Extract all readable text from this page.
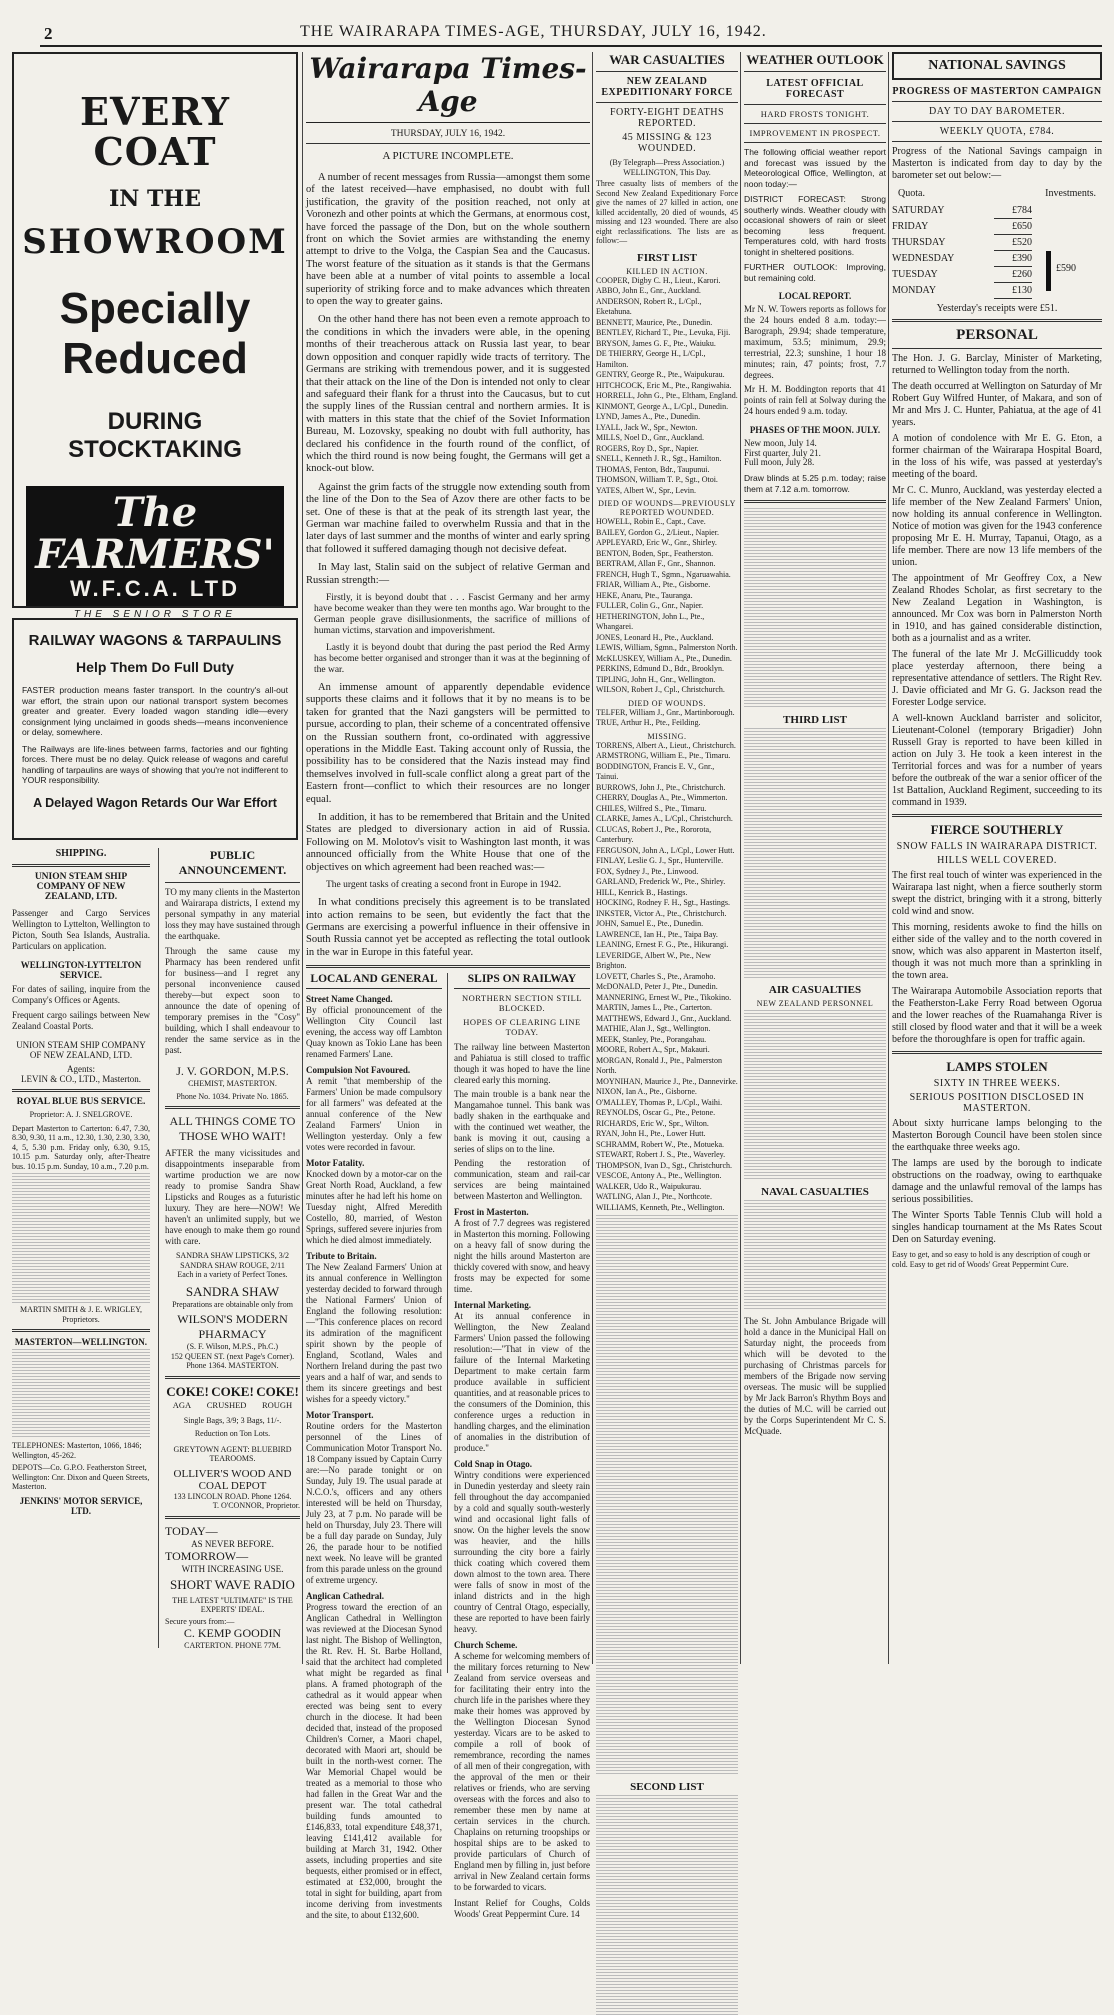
2	THE WAIRARAPA TIMES-AGE, THURSDAY, JULY 16, 1942.
EVERY COAT
IN THE
SHOWROOM
Specially
Reduced
DURING
STOCKTAKING
The FARMERS'
W.F.C.A. LTD
THE SENIOR STORE
RAILWAY WAGONS & TARPAULINS
Help Them Do Full Duty
FASTER production means faster transport. In the country's all-out war effort, the strain upon our national transport system becomes greater and greater. Every loaded wagon standing idle—every consignment lying unclaimed in goods sheds—means inconvenience or delay, somewhere.
The Railways are life-lines between farms, factories and our fighting forces. There must be no delay. Quick release of wagons and careful handling of tarpaulins are ways of showing that you're not indifferent to YOUR responsibility.
A Delayed Wagon Retards Our War Effort
SHIPPING.
UNION STEAM SHIP COMPANY OF NEW ZEALAND, LTD.
Passenger and Cargo Services Wellington to Lyttelton, Wellington to Picton, South Sea Islands, Australia. Particulars on application.
WELLINGTON-LYTTELTON SERVICE.
For dates of sailing, inquire from the Company's Offices or Agents.
Frequent cargo sailings between New Zealand Coastal Ports.
UNION STEAM SHIP COMPANY OF NEW ZEALAND, LTD.
Agents:
LEVIN & CO., LTD., Masterton.
ROYAL BLUE BUS SERVICE.
Proprietor: A. J. SNELGROVE.
Depart Masterton to Carterton: 6.47, 7.30, 8.30, 9.30, 11 a.m., 12.30, 1.30, 2.30, 3.30, 4, 5, 5.30 p.m. Friday only, 6.30, 9.15, 10.15 p.m. Saturday only, after-Theatre bus. 10.15 p.m. Sunday, 10 a.m., 7.20 p.m.
MARTIN SMITH & J. E. WRIGLEY, Proprietors.
MASTERTON—WELLINGTON.
TELEPHONES: Masterton, 1066, 1846; Wellington, 45-262.
DEPOTS—Co. G.P.O. Featherston Street, Wellington: Cnr. Dixon and Queen Streets, Masterton.
JENKINS' MOTOR SERVICE, LTD.
PUBLIC ANNOUNCEMENT.
TO my many clients in the Masterton and Wairarapa districts, I extend my personal sympathy in any material loss they may have sustained through the earthquake.
Through the same cause my Pharmacy has been rendered unfit for business—and I regret any personal inconvenience caused thereby—but expect soon to announce the date of opening of temporary premises in the "Cosy" building, which I shall endeavour to render the same service as in the past.
J. V. GORDON, M.P.S.
CHEMIST, MASTERTON.
Phone No. 1034. Private No. 1865.
ALL THINGS COME TO THOSE WHO WAIT!
AFTER the many vicissitudes and disappointments inseparable from wartime production we are now ready to promise Sandra Shaw Lipsticks and Rouges as a futuristic luxury. They are here—NOW! We haven't an unlimited supply, but we have enough to make them go round with care.
SANDRA SHAW LIPSTICKS, 3/2
SANDRA SHAW ROUGE, 2/11
Each in a variety of Perfect Tones.
SANDRA SHAW
Preparations are obtainable only from
WILSON'S MODERN PHARMACY
(S. F. Wilson, M.P.S., Ph.C.)
152 QUEEN ST. (next Page's Corner). Phone 1364. MASTERTON.
COKE! COKE! COKE!
AGA CRUSHED ROUGH
Single Bags, 3/9; 3 Bags, 11/-.
Reduction on Ton Lots.
GREYTOWN AGENT: BLUEBIRD TEAROOMS.
OLLIVER'S WOOD AND COAL DEPOT
133 LINCOLN ROAD. Phone 1264.
T. O'CONNOR, Proprietor.
TODAY—
AS NEVER BEFORE.
TOMORROW—
WITH INCREASING USE.
SHORT WAVE RADIO
THE LATEST "ULTIMATE" IS THE EXPERTS' IDEAL.
Secure yours from:—
C. KEMP GOODIN
CARTERTON. PHONE 77M.
Wairarapa Times-Age
THURSDAY, JULY 16, 1942.
A PICTURE INCOMPLETE.

A number of recent messages from Russia—amongst them some of the latest received—have emphasised, no doubt with full justification, the gravity of the position reached, not only at Voronezh and other points at which the Germans, at enormous cost, have forced the passage of the Don, but on the whole southern front on which the Soviet armies are withstanding the enemy attempt to drive to the Volga, the Caspian Sea and the Caucasus. The worst feature of the situation as it stands is that the Germans have been able at a number of vital points to assemble a local superiority of striking force and to make advances which threaten to open the way to greater gains.

On the other hand there has not been even a remote approach to the conditions in which the invaders were able, in the opening months of their treacherous attack on Russia last year, to bear down opposition and conquer rapidly wide tracts of territory. The Germans are striking with tremendous power, and it is suggested that their attack on the line of the Don is intended not only to clear and safeguard their flank for a thrust into the Caucasus, but to cut the supply lines of the Russian central and northern armies. It is with matters in this state that the chief of the Soviet Information Bureau, M. Lozovsky, speaking no doubt with full authority, has declared his confidence in the fourth round of the conflict, of which the third round is now being fought, the Germans will get a knock-out blow.

Against the grim facts of the struggle now extending south from the line of the Don to the Sea of Azov there are other facts to be set. One of these is that at the peak of its strength last year, the German war machine failed to overwhelm Russia and that in the later days of last summer and the months of winter and early spring that followed it suffered damaging though not decisive defeat.

In May last, Stalin said on the subject of relative German and Russian strength:—

Firstly, it is beyond doubt that . . . Fascist Germany and her army have become weaker than they were ten months ago. War brought to the German people grave disillusionments, the sacrifice of millions of human victims, starvation and impoverishment.

Lastly it is beyond doubt that during the past period the Red Army has become better organised and stronger than it was at the beginning of the war.

An immense amount of apparently dependable evidence supports these claims and it follows that it by no means is to be taken for granted that the Nazi gangsters will be permitted to pursue, according to plan, their scheme of a concentrated offensive on the Russian southern front, co-ordinated with aggressive operations in the Middle East. Taking account only of Russia, the possibility has to be considered that the Nazis instead may find themselves involved in full-scale conflict along a great part of the Eastern front—conflict to which their resources are no longer equal.

In addition, it has to be remembered that Britain and the United States are pledged to diversionary action in aid of Russia. Following on M. Molotov's visit to Washington last month, it was announced officially from the White House that one of the objectives on which agreement had been reached was:—

The urgent tasks of creating a second front in Europe in 1942.

In what conditions precisely this agreement is to be translated into action remains to be seen, but evidently the fact that the Germans are exercising a powerful influence in their offensive in South Russia cannot yet be accepted as reflecting the total outlook in the war in Europe in this fateful year.

LOCAL AND GENERAL
Street Name Changed.
By official pronouncement of the Wellington City Council last evening, the access way off Lambton Quay known as Tokio Lane has been renamed Farmers' Lane.
Compulsion Not Favoured.
A remit "that membership of the Farmers' Union be made compulsory for all farmers" was defeated at the annual conference of the New Zealand Farmers' Union in Wellington yesterday. Only a few votes were recorded in favour.
Motor Fatality.
Knocked down by a motor-car on the Great North Road, Auckland, a few minutes after he had left his home on Tuesday night, Alfred Meredith Costello, 80, married, of Weston Springs, suffered severe injuries from which he died almost immediately.
Tribute to Britain.
The New Zealand Farmers' Union at its annual conference in Wellington yesterday decided to forward through the National Farmers' Union of England the following resolution:—"This conference places on record its admiration of the magnificent spirit shown by the people of England, Scotland, Wales and Northern Ireland during the past two years and a half of war, and sends to them its sincere greetings and best wishes for a speedy victory."
Motor Transport.
Routine orders for the Masterton personnel of the Lines of Communication Motor Transport No. 18 Company issued by Captain Curry are:—No parade tonight or on Sunday, July 19. The usual parade at N.C.O.'s, officers and any others interested will be held on Thursday, July 23, at 7 p.m. No parade will be held on Thursday, July 23. There will be a full day parade on Sunday, July 26, the parade hour to be notified next week. No leave will be granted from this parade unless on the ground of extreme urgency.
Anglican Cathedral.
Progress toward the erection of an Anglican Cathedral in Wellington was reviewed at the Diocesan Synod last night. The Bishop of Wellington, the Rt. Rev. H. St. Barbe Holland, said that the architect had completed what might be regarded as final plans. A framed photograph of the cathedral as it would appear when erected was being sent to every church in the diocese. It had been decided that, instead of the proposed Children's Corner, a Maori chapel, decorated with Maori art, should be built in the north-west corner. The War Memorial Chapel would be treated as a memorial to those who had fallen in the Great War and the present war. The total cathedral building funds amounted to £146,833, total expenditure £48,371, leaving £141,412 available for building at March 31, 1942. Other assets, including properties and site bequests, either promised or in effect, estimated at £32,000, brought the total in sight for building, apart from income deriving from investments and the site, to about £132,600.
SLIPS ON RAILWAY
NORTHERN SECTION STILL BLOCKED.
HOPES OF CLEARING LINE TODAY.
The railway line between Masterton and Pahiatua is still closed to traffic though it was hoped to have the line cleared early this morning.
The main trouble is a bank near the Mangamahoe tunnel. This bank was badly shaken in the earthquake and with the continued wet weather, the bank is moving it out, causing a series of slips on to the line.
Pending the restoration of communication, steam and rail-car services are being maintained between Masterton and Wellington.
Frost in Masterton.
A frost of 7.7 degrees was registered in Masterton this morning. Following on a heavy fall of snow during the night the hills around Masterton are thickly covered with snow, and heavy frosts may be expected for some time.
Internal Marketing.
At its annual conference in Wellington, the New Zealand Farmers' Union passed the following resolution:—"That in view of the failure of the Internal Marketing Department to make certain farm produce available in sufficient quantities, and at reasonable prices to the consumers of the Dominion, this conference urges a reduction in handling charges, and the elimination of anomalies in the distribution of produce."
Cold Snap in Otago.
Wintry conditions were experienced in Dunedin yesterday and sleety rain fell throughout the day accompanied by a cold and squally south-westerly wind and occasional light falls of snow. On the higher levels the snow was heavier, and the hills surrounding the city bore a fairly thick coating which covered them down almost to the town area. There were falls of snow in most of the inland districts and in the high country of Central Otago, especially, these are reported to have been fairly heavy.
Church Scheme.
A scheme for welcoming members of the military forces returning to New Zealand from service overseas and for facilitating their entry into the church life in the parishes where they make their homes was approved by the Wellington Diocesan Synod yesterday. Vicars are to be asked to compile a roll of book of remembrance, recording the names of all men of their congregation, with the approval of the men or their relatives or friends, who are serving overseas with the forces and also to remember these men by name at certain services in the church. Chaplains on returning troopships or hospital ships are to be asked to provide particulars of Church of England men by filling in, just before arrival in New Zealand certain forms to be forwarded to vicars.
Instant Relief for Coughs, Colds Woods' Great Peppermint Cure. 14
WAR CASUALTIES
NEW ZEALAND EXPEDITIONARY FORCE
FORTY-EIGHT DEATHS REPORTED.
45 MISSING & 123 WOUNDED.
(By Telegraph—Press Association.) WELLINGTON, This Day.
Three casualty lists of members of the Second New Zealand Expeditionary Force give the names of 27 killed in action, one killed accidentally, 20 died of wounds, 45 missing and 123 wounded. There are also eight reclassifications. The lists are as follow:—
FIRST LIST
KILLED IN ACTION.
COOPER, Digby C. H., Lieut., Karori.
ABBO, John E., Gnr., Auckland.
ANDERSON, Robert R., L/Cpl., Eketahuna.
BENNETT, Maurice, Pte., Dunedin.
BENTLEY, Richard T., Pte., Levuka, Fiji.
BRYSON, James G. F., Pte., Waiuku.
DE THIERRY, George H., L/Cpl., Hamilton.
GENTRY, George R., Pte., Waipukurau.
HITCHCOCK, Eric M., Pte., Rangiwahia.
HORRELL, John G., Pte., Eltham, England.
KINMONT, George A., L/Cpl., Dunedin.
LYND, James A., Pte., Dunedin.
LYALL, Jack W., Spr., Newton.
MILLS, Noel D., Gnr., Auckland.
ROGERS, Roy D., Spr., Napier.
SNELL, Kenneth J. R., Sgt., Hamilton.
THOMAS, Fenton, Bdr., Taupunui.
THOMSON, William T. P., Sgt., Otoi.
YATES, Albert W., Spr., Levin.
DIED OF WOUNDS—PREVIOUSLY REPORTED WOUNDED.
HOWELL, Robin E., Capt., Cave.
BAILEY, Gordon G., 2/Lieut., Napier.
APPLEYARD, Eric W., Gnr., Shirley.
BENTON, Boden, Spr., Featherston.
BERTRAM, Allan F., Gnr., Shannon.
FRENCH, Hugh T., Sgmn., Ngaruawahia.
FRIAR, William A., Pte., Gisborne.
HEKE, Anaru, Pte., Tauranga.
FULLER, Colin G., Gnr., Napier.
HETHERINGTON, John L., Pte., Whangarei.
JONES, Leonard H., Pte., Auckland.
LEWIS, William, Sgmn., Palmerston North.
McKLUSKEY, William A., Pte., Dunedin.
PERKINS, Edmund D., Bdr., Brooklyn.
TIPLING, John H., Gnr., Wellington.
WILSON, Robert J., Cpl., Christchurch.
DIED OF WOUNDS.
TELFER, William J., Gnr., Martinborough.
TRUE, Arthur H., Pte., Feilding.
MISSING.
TORRENS, Albert A., Lieut., Christchurch.
ARMSTRONG, William E., Pte., Timaru.
BODDINGTON, Francis E. V., Gnr., Tainui.
BURROWS, John J., Pte., Christchurch.
CHERRY, Douglas A., Pte., Wimmerton.
CHILES, Wilfred S., Pte., Timaru.
CLARKE, James A., L/Cpl., Christchurch.
CLUCAS, Robert J., Pte., Rororota, Canterbury.
FERGUSON, John A., L/Cpl., Lower Hutt.
FINLAY, Leslie G. J., Spr., Hunterville.
FOX, Sydney J., Pte., Linwood.
GARLAND, Frederick W., Pte., Shirley.
HILL, Kenrick B., Hastings.
HOCKING, Rodney F. H., Sgt., Hastings.
INKSTER, Victor A., Pte., Christchurch.
JOHN, Samuel E., Pte., Dunedin.
LAWRENCE, Ian H., Pte., Taipa Bay.
LEANING, Ernest F. G., Pte., Hikurangi.
LEVERIDGE, Albert W., Pte., New Brighton.
LOVETT, Charles S., Pte., Aramoho.
McDONALD, Peter J., Pte., Dunedin.
MANNERING, Ernest W., Pte., Tikokino.
MARTIN, James L., Pte., Carterton.
MATTHEWS, Edward J., Gnr., Auckland.
MATHIE, Alan J., Sgt., Wellington.
MEEK, Stanley, Pte., Porangahau.
MOORE, Robert A., Spr., Makauri.
MORGAN, Ronald J., Pte., Palmerston North.
MOYNIHAN, Maurice J., Pte., Dannevirke.
NIXON, Ian A., Pte., Gisborne.
O'MALLEY, Thomas P., L/Cpl., Waihi.
REYNOLDS, Oscar G., Pte., Petone.
RICHARDS, Eric W., Spr., Wilton.
RYAN, John H., Pte., Lower Hutt.
SCHRAMM, Robert W., Pte., Motueka.
STEWART, Robert J. S., Pte., Waverley.
THOMPSON, Ivan D., Sgt., Christchurch.
VESCOE, Antony A., Pte., Wellington.
WALKER, Udo R., Waipukurau.
WATLING, Alan J., Pte., Northcote.
WILLIAMS, Kenneth, Pte., Wellington.
SECOND LIST
WEATHER OUTLOOK
LATEST OFFICIAL FORECAST
HARD FROSTS TONIGHT.
IMPROVEMENT IN PROSPECT.
The following official weather report and forecast was issued by the Meteorological Office, Wellington, at noon today:—
DISTRICT FORECAST: Strong southerly winds. Weather cloudy with occasional showers of rain or sleet becoming less frequent. Temperatures cold, with hard frosts tonight in sheltered positions.
FURTHER OUTLOOK: Improving, but remaining cold.
LOCAL REPORT.
Mr N. W. Towers reports as follows for the 24 hours ended 8 a.m. today:—Barograph, 29.94; shade temperature, maximum, 53.5; minimum, 29.9; terrestrial, 22.3; sunshine, 1 hour 18 minutes; rain, 47 points; frost, 7.7 degrees.
Mr H. M. Boddington reports that 41 points of rain fell at Solway during the 24 hours ended 9 a.m. today.
PHASES OF THE MOON. JULY.
New moon, July 14.
First quarter, July 21.
Full moon, July 28.
Draw blinds at 5.25 p.m. today; raise them at 7.12 a.m. tomorrow.
THIRD LIST
AIR CASUALTIES
NEW ZEALAND PERSONNEL
NAVAL CASUALTIES
The St. John Ambulance Brigade will hold a dance in the Municipal Hall on Saturday night, the proceeds from which will be devoted to the purchasing of Christmas parcels for members of the Brigade now serving overseas. The music will be supplied by Mr Jack Barron's Rhythm Boys and the duties of M.C. will be carried out by the Corps Superintendent Mr C. S. McQuade.
NATIONAL SAVINGS
PROGRESS OF MASTERTON CAMPAIGN
DAY TO DAY BAROMETER.
WEEKLY QUOTA, £784.
Progress of the National Savings campaign in Masterton is indicated from day to day by the barometer set out below:—
Quota.	Investments.
SATURDAY	£784
FRIDAY	£650
THURSDAY	£520
WEDNESDAY	£390
TUESDAY	£260
MONDAY	£130
£590
Yesterday's receipts were £51.
PERSONAL
The Hon. J. G. Barclay, Minister of Marketing, returned to Wellington today from the north.
The death occurred at Wellington on Saturday of Mr Robert Guy Wilfred Hunter, of Makara, and son of Mr and Mrs J. C. Hunter, Pahiatua, at the age of 41 years.
A motion of condolence with Mr E. G. Eton, a former chairman of the Wairarapa Hospital Board, in the loss of his wife, was passed at yesterday's meeting of the board.
Mr C. C. Munro, Auckland, was yesterday elected a life member of the New Zealand Farmers' Union, now holding its annual conference in Wellington. Notice of motion was given for the 1943 conference proposing Mr E. H. Murray, Tapanui, Otago, as a life member. There are now 13 life members of the union.
The appointment of Mr Geoffrey Cox, a New Zealand Rhodes Scholar, as first secretary to the New Zealand Legation in Washington, is announced. Mr Cox was born in Palmerston North in 1910, and has gained considerable distinction, both as a journalist and as a writer.
The funeral of the late Mr J. McGillicuddy took place yesterday afternoon, there being a representative attendance of settlers. The Right Rev. J. Davie officiated and Mr G. G. Jackson read the Forester Lodge service.
A well-known Auckland barrister and solicitor, Lieutenant-Colonel (temporary Brigadier) John Russell Gray is reported to have been killed in action on July 3. He took a keen interest in the Territorial forces and was for a number of years before the outbreak of the war a senior officer of the 1st Battalion, Auckland Regiment, succeeding to its command in 1939.
FIERCE SOUTHERLY
SNOW FALLS IN WAIRARAPA DISTRICT.
HILLS WELL COVERED.
The first real touch of winter was experienced in the Wairarapa last night, when a fierce southerly storm swept the district, bringing with it a strong, bitterly cold wind and snow.
This morning, residents awoke to find the hills on either side of the valley and to the north covered in snow, which was also apparent in Masterton itself, though it was not much more than a sprinkling in the town area.
The Wairarapa Automobile Association reports that the Featherston-Lake Ferry Road between Ogorua and the lower reaches of the Ruamahanga River is still closed by flood water and that it will be a week before the thoroughfare is open for traffic again.
LAMPS STOLEN
SIXTY IN THREE WEEKS.
SERIOUS POSITION DISCLOSED IN MASTERTON.
About sixty hurricane lamps belonging to the Masterton Borough Council have been stolen since the earthquake three weeks ago.
The lamps are used by the borough to indicate obstructions on the roadway, owing to earthquake damage and the unlawful removal of the lamps has serious possibilities.
The Winter Sports Table Tennis Club will hold a singles handicap tournament at the Ms Rates Scout Den on Saturday evening.
Easy to get, and so easy to hold is any description of cough or cold. Easy to get rid of Woods' Great Peppermint Cure.
